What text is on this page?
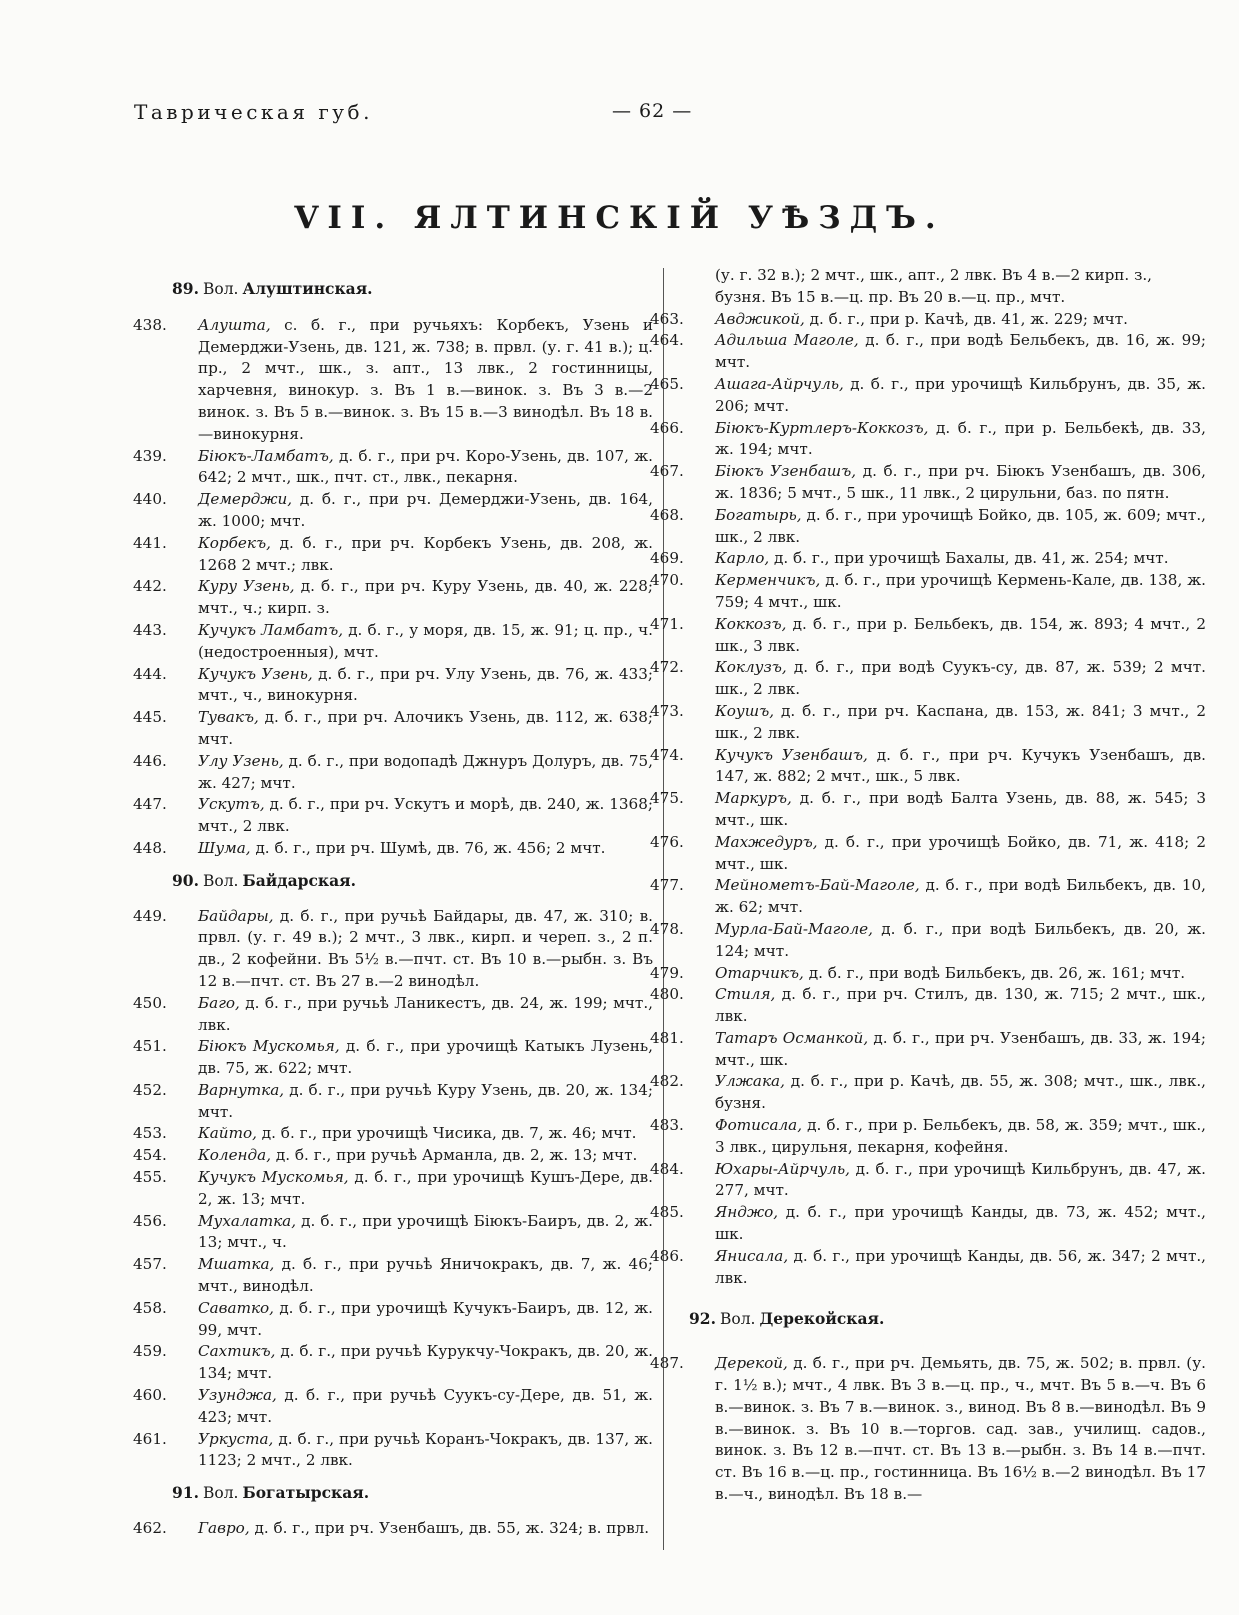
Таврическая губ.	— 62 —
VII. ЯЛТИНСКІЙ УѢЗДЪ.
89. Вол. Алуштинская.
438. Алушта, с. б. г., при ручьяхъ: Корбекъ, Узень и Демерджи-Узень, дв. 121, ж. 738; в. првл. (у. г. 41 в.); ц. пр., 2 мчт., шк., з. апт., 13 лвк., 2 гостинницы, харчевня, винокур. з. Въ 1 в.—винок. з. Въ 3 в.—2 винок. з. Въ 5 в.—винок. з. Въ 15 в.—3 винодѣл. Въ 18 в.—винокурня.
439. Біюкъ-Ламбатъ, д. б. г., при рч. Коро-Узень, дв. 107, ж. 642; 2 мчт., шк., пчт. ст., лвк., пекарня.
440. Демерджи, д. б. г., при рч. Демерджи-Узень, дв. 164, ж. 1000; мчт.
441. Корбекъ, д. б. г., при рч. Корбекъ Узень, дв. 208, ж. 1268 2 мчт.; лвк.
442. Куру Узень, д. б. г., при рч. Куру Узень, дв. 40, ж. 228; мчт., ч.; кирп. з.
443. Кучукъ Ламбатъ, д. б. г., у моря, дв. 15, ж. 91; ц. пр., ч. (недостроенныя), мчт.
444. Кучукъ Узень, д. б. г., при рч. Улу Узень, дв. 76, ж. 433; мчт., ч., винокурня.
445. Тувакъ, д. б. г., при рч. Алочикъ Узень, дв. 112, ж. 638; мчт.
446. Улу Узень, д. б. г., при водопадѣ Джнуръ Долуръ, дв. 75, ж. 427; мчт.
447. Ускутъ, д. б. г., при рч. Ускутъ и морѣ, дв. 240, ж. 1368; мчт., 2 лвк.
448. Шума, д. б. г., при рч. Шумѣ, дв. 76, ж. 456; 2 мчт.
90. Вол. Байдарская.
449. Байдары, д. б. г., при ручьѣ Байдары, дв. 47, ж. 310; в. првл. (у. г. 49 в.); 2 мчт., 3 лвк., кирп. и череп. з., 2 п. дв., 2 кофейни. Въ 5½ в.—пчт. ст. Въ 10 в.—рыбн. з. Въ 12 в.—пчт. ст. Въ 27 в.—2 винодѣл.
450. Баго, д. б. г., при ручьѣ Ланикестъ, дв. 24, ж. 199; мчт., лвк.
451. Біюкъ Мускомья, д. б. г., при урочищѣ Катыкъ Лузень, дв. 75, ж. 622; мчт.
452. Варнутка, д. б. г., при ручьѣ Куру Узень, дв. 20, ж. 134; мчт.
453. Кайто, д. б. г., при урочищѣ Чисика, дв. 7, ж. 46; мчт.
454. Коленда, д. б. г., при ручьѣ Арманла, дв. 2, ж. 13; мчт.
455. Кучукъ Мускомья, д. б. г., при урочищѣ Кушъ-Дере, дв. 2, ж. 13; мчт.
456. Мухалатка, д. б. г., при урочищѣ Біюкъ-Баиръ, дв. 2, ж. 13; мчт., ч.
457. Мшатка, д. б. г., при ручьѣ Яничокракъ, дв. 7, ж. 46; мчт., винодѣл.
458. Саватко, д. б. г., при урочищѣ Кучукъ-Баиръ, дв. 12, ж. 99, мчт.
459. Сахтикъ, д. б. г., при ручьѣ Курукчу-Чокракъ, дв. 20, ж. 134; мчт.
460. Узунджа, д. б. г., при ручьѣ Суукъ-су-Дере, дв. 51, ж. 423; мчт.
461. Уркуста, д. б. г., при ручьѣ Коранъ-Чокракъ, дв. 137, ж. 1123; 2 мчт., 2 лвк.
91. Вол. Богатырская.
462. Гавро, д. б. г., при рч. Узенбашъ, дв. 55, ж. 324; в. првл.
(у. г. 32 в.); 2 мчт., шк., апт., 2 лвк. Въ 4 в.—2 кирп. з., бузня. Въ 15 в.—ц. пр. Въ 20 в.—ц. пр., мчт.
463. Авджикой, д. б. г., при р. Качѣ, дв. 41, ж. 229; мчт.
464. Адильша Маголе, д. б. г., при водѣ Бельбекъ, дв. 16, ж. 99; мчт.
465. Ашага-Айрчуль, д. б. г., при урочищѣ Кильбрунъ, дв. 35, ж. 206; мчт.
466. Біюкъ-Куртлеръ-Коккозъ, д. б. г., при р. Бельбекѣ, дв. 33, ж. 194; мчт.
467. Біюкъ Узенбашъ, д. б. г., при рч. Біюкъ Узенбашъ, дв. 306, ж. 1836; 5 мчт., 5 шк., 11 лвк., 2 цирульни, баз. по пятн.
468. Богатырь, д. б. г., при урочищѣ Бойко, дв. 105, ж. 609; мчт., шк., 2 лвк.
469. Карло, д. б. г., при урочищѣ Бахалы, дв. 41, ж. 254; мчт.
470. Керменчикъ, д. б. г., при урочищѣ Кермень-Кале, дв. 138, ж. 759; 4 мчт., шк.
471. Коккозъ, д. б. г., при р. Бельбекъ, дв. 154, ж. 893; 4 мчт., 2 шк., 3 лвк.
472. Коклузъ, д. б. г., при водѣ Суукъ-су, дв. 87, ж. 539; 2 мчт. шк., 2 лвк.
473. Коушъ, д. б. г., при рч. Каспана, дв. 153, ж. 841; 3 мчт., 2 шк., 2 лвк.
474. Кучукъ Узенбашъ, д. б. г., при рч. Кучукъ Узенбашъ, дв. 147, ж. 882; 2 мчт., шк., 5 лвк.
475. Маркуръ, д. б. г., при водѣ Балта Узень, дв. 88, ж. 545; 3 мчт., шк.
476. Махжедуръ, д. б. г., при урочищѣ Бойко, дв. 71, ж. 418; 2 мчт., шк.
477. Мейнометъ-Бай-Маголе, д. б. г., при водѣ Бильбекъ, дв. 10, ж. 62; мчт.
478. Мурла-Бай-Маголе, д. б. г., при водѣ Бильбекъ, дв. 20, ж. 124; мчт.
479. Отарчикъ, д. б. г., при водѣ Бильбекъ, дв. 26, ж. 161; мчт.
480. Стиля, д. б. г., при рч. Стилъ, дв. 130, ж. 715; 2 мчт., шк., лвк.
481. Татаръ Османкой, д. б. г., при рч. Узенбашъ, дв. 33, ж. 194; мчт., шк.
482. Улжака, д. б. г., при р. Качѣ, дв. 55, ж. 308; мчт., шк., лвк., бузня.
483. Фотисала, д. б. г., при р. Бельбекъ, дв. 58, ж. 359; мчт., шк., 3 лвк., цирульня, пекарня, кофейня.
484. Юхары-Айрчуль, д. б. г., при урочищѣ Кильбрунъ, дв. 47, ж. 277, мчт.
485. Янджо, д. б. г., при урочищѣ Канды, дв. 73, ж. 452; мчт., шк.
486. Янисала, д. б. г., при урочищѣ Канды, дв. 56, ж. 347; 2 мчт., лвк.
92. Вол. Дерекойская.
487. Дерекой, д. б. г., при рч. Демьять, дв. 75, ж. 502; в. првл. (у. г. 1½ в.); мчт., 4 лвк. Въ 3 в.—ц. пр., ч., мчт. Въ 5 в.—ч. Въ 6 в.—винок. з. Въ 7 в.—винок. з., винод. Въ 8 в.—винодѣл. Въ 9 в.—винок. з. Въ 10 в.—торгов. сад. зав., училищ. садов., винок. з. Въ 12 в.—пчт. ст. Въ 13 в.—рыбн. з. Въ 14 в.—пчт. ст. Въ 16 в.—ц. пр., гостинница. Въ 16½ в.—2 винодѣл. Въ 17 в.—ч., винодѣл. Въ 18 в.—
